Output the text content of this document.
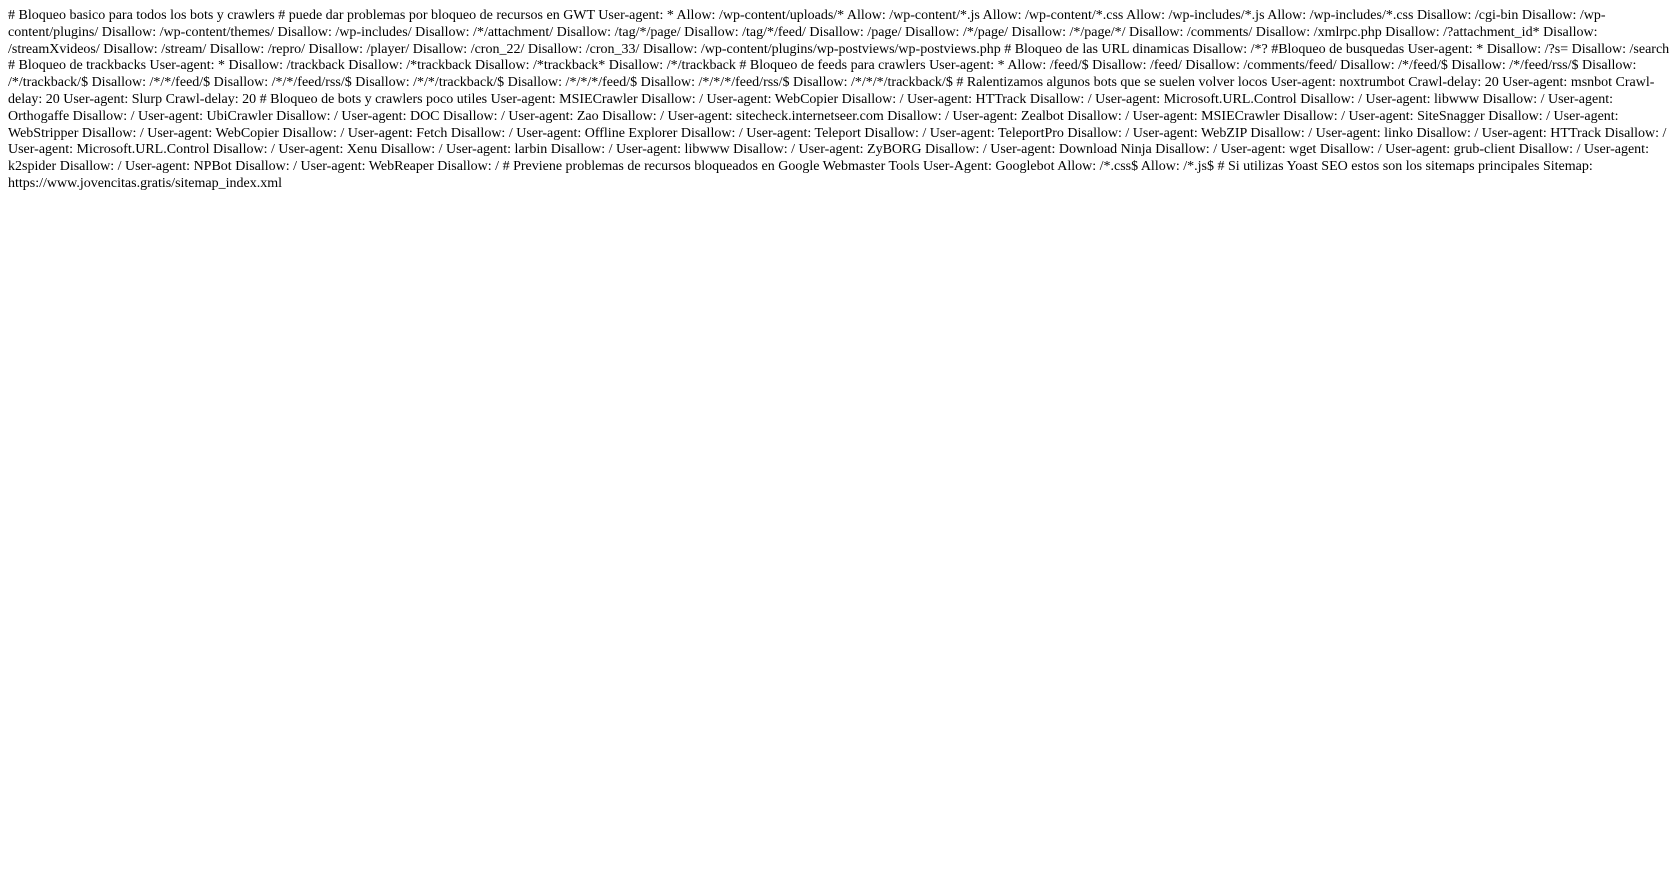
# Bloqueo basico para todos los bots y crawlers # puede dar problemas por bloqueo de recursos en GWT User-agent: * Allow: /wp-content/uploads/* Allow: /wp-content/*.js Allow: /wp-content/*.css Allow: /wp-includes/*.js Allow: /wp-includes/*.css Disallow: /cgi-bin Disallow: /wp-content/plugins/ Disallow: /wp-content/themes/ Disallow: /wp-includes/ Disallow: /*/attachment/ Disallow: /tag/*/page/ Disallow: /tag/*/feed/ Disallow: /page/ Disallow: /*/page/ Disallow: /*/page/*/ Disallow: /comments/ Disallow: /xmlrpc.php Disallow: /?attachment_id* Disallow: /streamXvideos/ Disallow: /stream/ Disallow: /repro/ Disallow: /player/ Disallow: /cron_22/ Disallow: /cron_33/ Disallow: /wp-content/plugins/wp-postviews/wp-postviews.php # Bloqueo de las URL dinamicas Disallow: /*? #Bloqueo de busquedas User-agent: * Disallow: /?s= Disallow: /search # Bloqueo de trackbacks User-agent: * Disallow: /trackback Disallow: /*trackback Disallow: /*trackback* Disallow: /*/trackback # Bloqueo de feeds para crawlers User-agent: * Allow: /feed/$ Disallow: /feed/ Disallow: /comments/feed/ Disallow: /*/feed/$ Disallow: /*/feed/rss/$ Disallow: /*/trackback/$ Disallow: /*/*/feed/$ Disallow: /*/*/feed/rss/$ Disallow: /*/*/trackback/$ Disallow: /*/*/*/feed/$ Disallow: /*/*/*/feed/rss/$ Disallow: /*/*/*/trackback/$ # Ralentizamos algunos bots que se suelen volver locos User-agent: noxtrumbot Crawl-delay: 20 User-agent: msnbot Crawl-delay: 20 User-agent: Slurp Crawl-delay: 20 # Bloqueo de bots y crawlers poco utiles User-agent: MSIECrawler Disallow: / User-agent: WebCopier Disallow: / User-agent: HTTrack Disallow: / User-agent: Microsoft.URL.Control Disallow: / User-agent: libwww Disallow: / User-agent: Orthogaffe Disallow: / User-agent: UbiCrawler Disallow: / User-agent: DOC Disallow: / User-agent: Zao Disallow: / User-agent: sitecheck.internetseer.com Disallow: / User-agent: Zealbot Disallow: / User-agent: MSIECrawler Disallow: / User-agent: SiteSnagger Disallow: / User-agent: WebStripper Disallow: / User-agent: WebCopier Disallow: / User-agent: Fetch Disallow: / User-agent: Offline Explorer Disallow: / User-agent: Teleport Disallow: / User-agent: TeleportPro Disallow: / User-agent: WebZIP Disallow: / User-agent: linko Disallow: / User-agent: HTTrack Disallow: / User-agent: Microsoft.URL.Control Disallow: / User-agent: Xenu Disallow: / User-agent: larbin Disallow: / User-agent: libwww Disallow: / User-agent: ZyBORG Disallow: / User-agent: Download Ninja Disallow: / User-agent: wget Disallow: / User-agent: grub-client Disallow: / User-agent: k2spider Disallow: / User-agent: NPBot Disallow: / User-agent: WebReaper Disallow: / # Previene problemas de recursos bloqueados en Google Webmaster Tools User-Agent: Googlebot Allow: /*.css$ Allow: /*.js$ # Si utilizas Yoast SEO estos son los sitemaps principales Sitemap: https://www.jovencitas.gratis/sitemap_index.xml
